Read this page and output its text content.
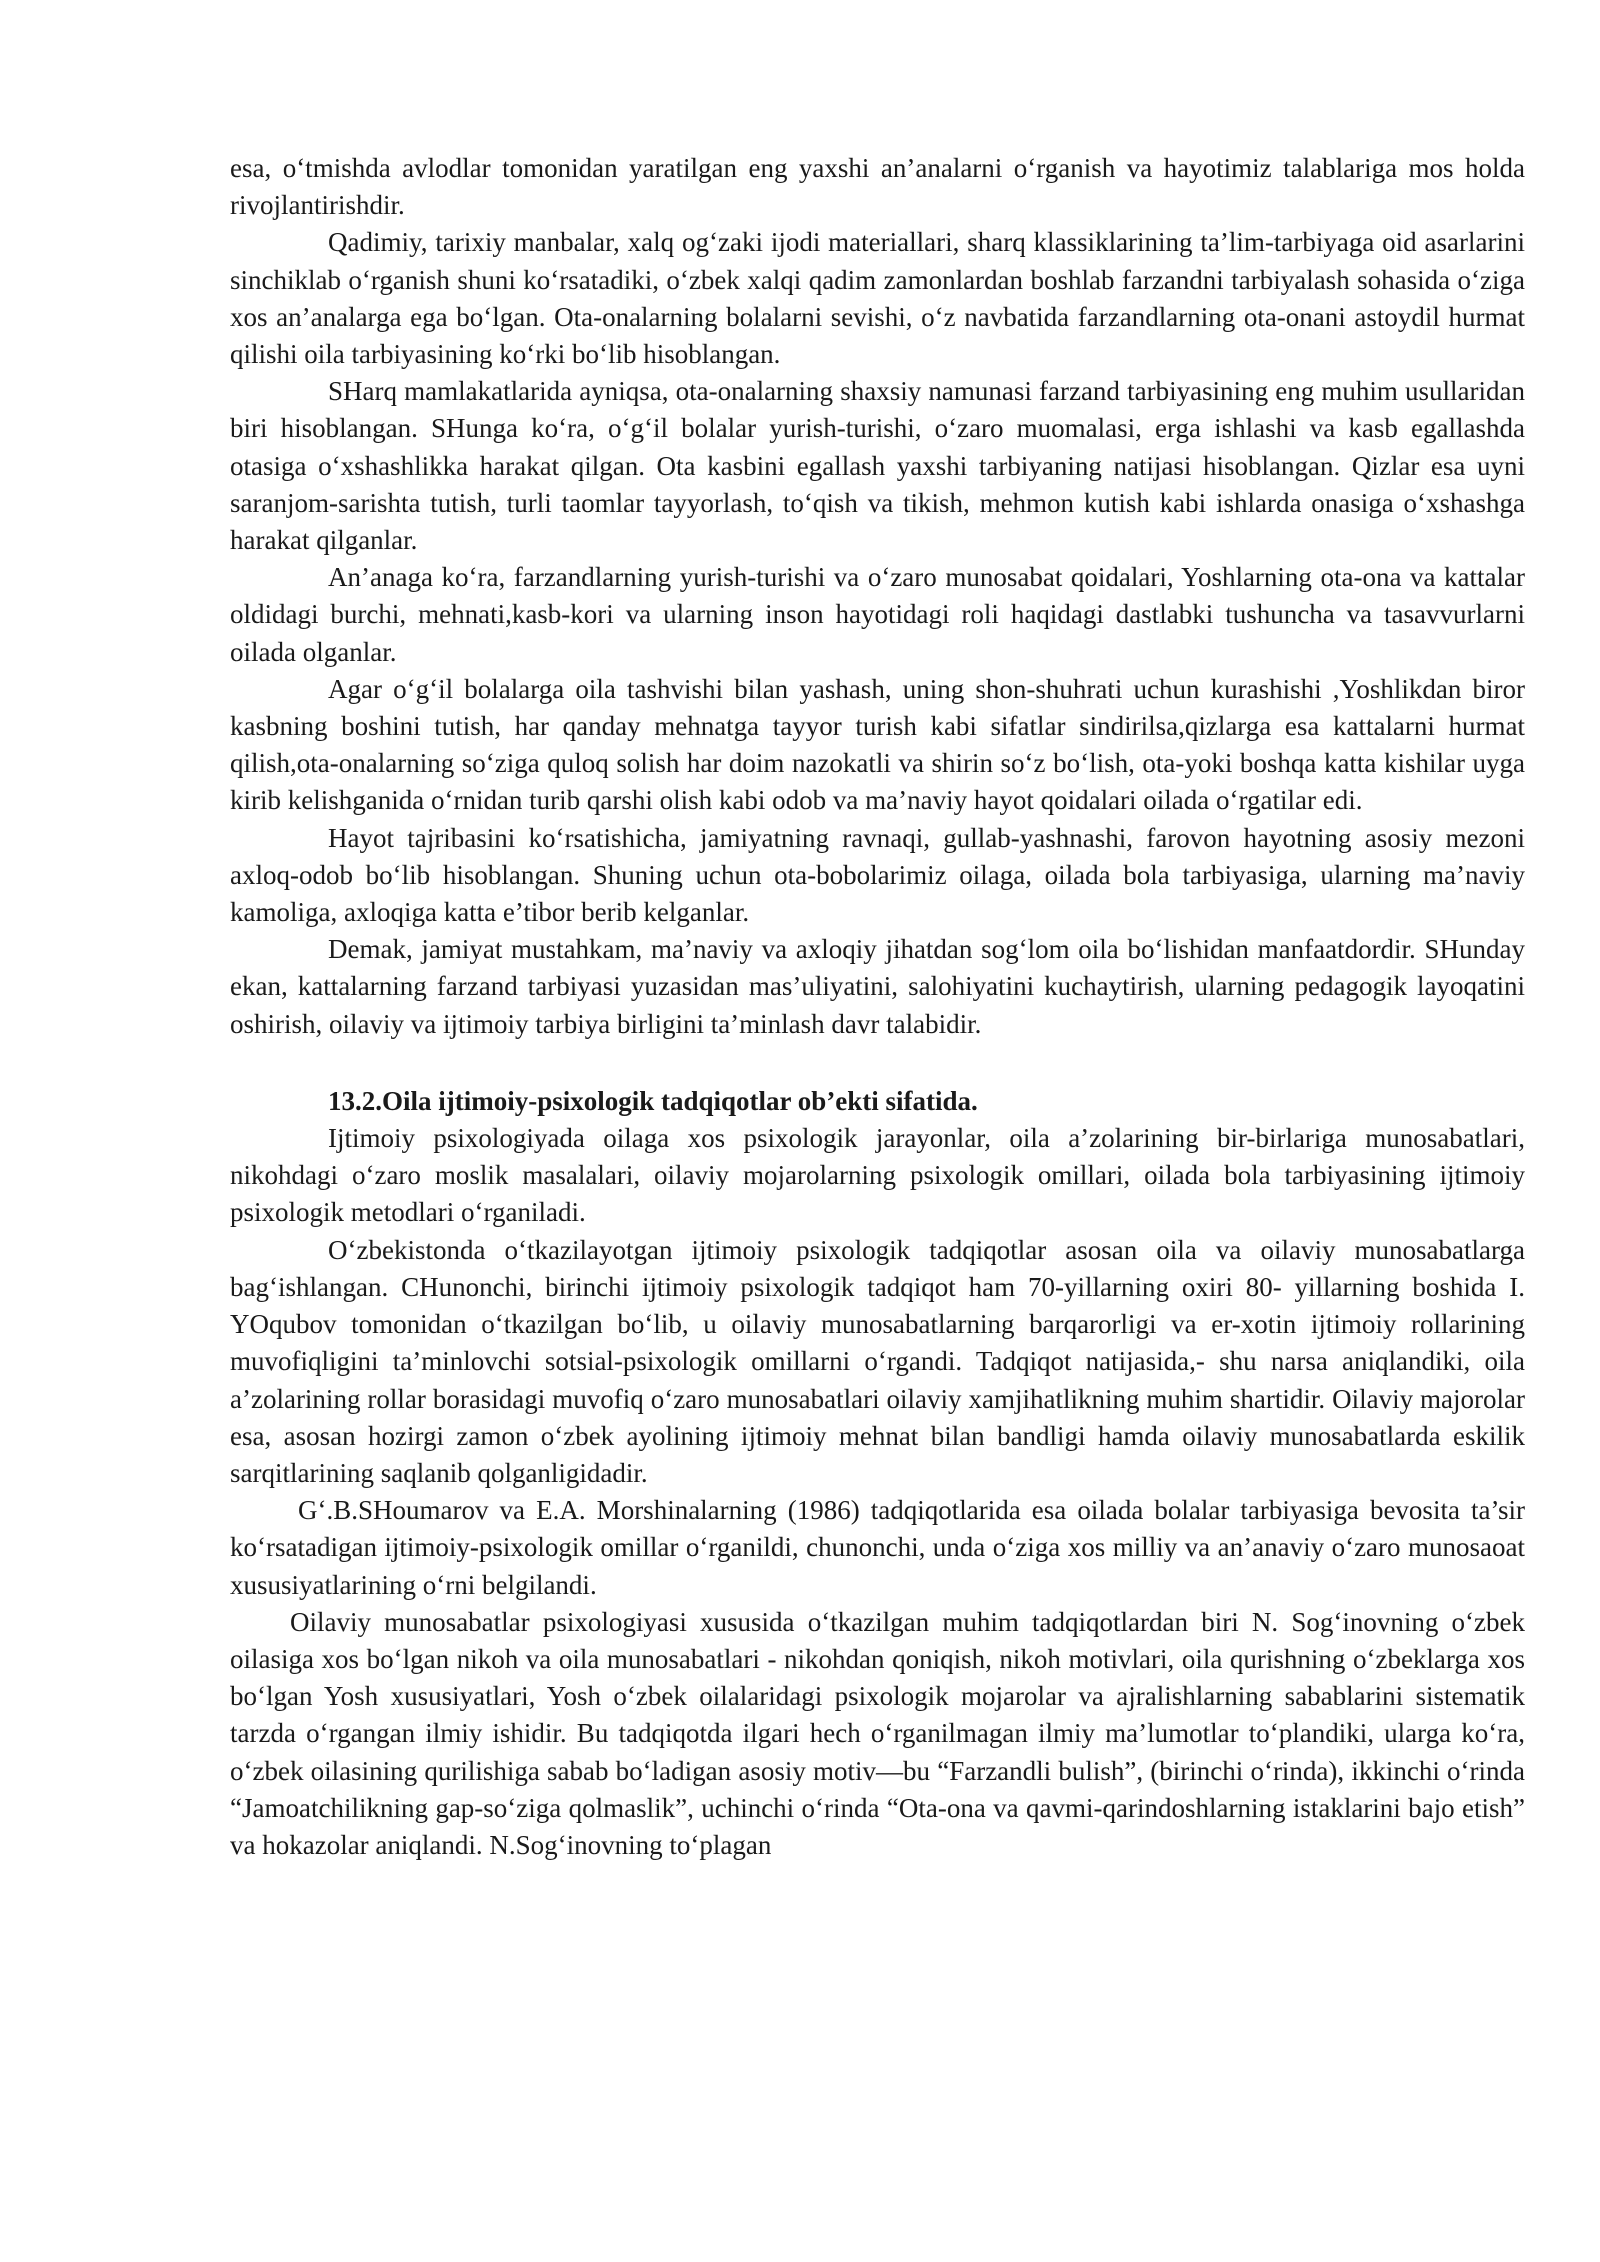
esa, o‘tmishda avlodlar tomonidan yaratilgan eng yaxshi an’analarni o‘rganish va hayotimiz talablariga mos holda rivojlantirishdir.

Qadimiy, tarixiy manbalar, xalq og‘zaki ijodi materiallari, sharq klassiklarining ta’lim-tarbiyaga oid asarlarini sinchiklab o‘rganish shuni ko‘rsatadiki, o‘zbek xalqi qadim zamonlardan boshlab farzandni tarbiyalash sohasida o‘ziga xos an’analarga ega bo‘lgan. Ota-onalarning bolalarni sevishi, o‘z navbatida farzandlarning ota-onani astoydil hurmat qilishi oila tarbiyasining ko‘rki bo‘lib hisoblangan.

SHarq mamlakatlarida ayniqsa, ota-onalarning shaxsiy namunasi farzand tarbiyasining eng muhim usullaridan biri hisoblangan. SHunga ko‘ra, o‘g‘il bolalar yurish-turishi, o‘zaro muomalasi, erga ishlashi va kasb egallashda otasiga o‘xshashlikka harakat qilgan. Ota kasbini egallash yaxshi tarbiyaning natijasi hisoblangan. Qizlar esa uyni saranjom-sarishta tutish, turli taomlar tayyorlash, to‘qish va tikish, mehmon kutish kabi ishlarda onasiga o‘xshashga harakat qilganlar.

An’anaga ko‘ra, farzandlarning yurish-turishi va o‘zaro munosabat qoidalari, Yoshlarning ota-ona va kattalar oldidagi burchi, mehnati,kasb-kori va ularning inson hayotidagi roli haqidagi dastlabki tushuncha va tasavvurlarni oilada olganlar.

Agar o‘g‘il bolalarga oila tashvishi bilan yashash, uning shon-shuhrati uchun kurashishi ,Yoshlikdan biror kasbning boshini tutish, har qanday mehnatga tayyor turish kabi sifatlar sindirilsa,qizlarga esa kattalarni hurmat qilish,ota-onalarning so‘ziga quloq solish har doim nazokatli va shirin so‘z bo‘lish, ota-yoki boshqa katta kishilar uyga kirib kelishganida o‘rnidan turib qarshi olish kabi odob va ma’naviy hayot qoidalari oilada o‘rgatilar edi.

Hayot tajribasini ko‘rsatishicha, jamiyatning ravnaqi, gullab-yashnashi, farovon hayotning asosiy mezoni axloq-odob bo‘lib hisoblangan. Shuning uchun ota-bobolarimiz oilaga, oilada bola tarbiyasiga, ularning ma’naviy kamoliga, axloqiga katta e’tibor berib kelganlar.

Demak, jamiyat mustahkam, ma’naviy va axloqiy jihatdan sog‘lom oila bo‘lishidan manfaatdordir. SHunday ekan, kattalarning farzand tarbiyasi yuzasidan mas’uliyatini, salohiyatini kuchaytirish, ularning pedagogik layoqatini oshirish, oilaviy va ijtimoiy tarbiya birligini ta’minlash davr talabidir.

13.2.Oila ijtimoiy-psixologik tadqiqotlar ob’ekti sifatida.

Ijtimoiy psixologiyada oilaga xos psixologik jarayonlar, oila a’zolarining bir-birlariga munosabatlari, nikohdagi o‘zaro moslik masalalari, oilaviy mojarolarning psixologik omillari, oilada bola tarbiyasining ijtimoiy psixologik metodlari o‘rganiladi.

O‘zbekistonda o‘tkazilayotgan ijtimoiy psixologik tadqiqotlar asosan oila va oilaviy munosabatlarga bag‘ishlangan. CHunonchi, birinchi ijtimoiy psixologik tadqiqot ham 70-yillarning oxiri 80- yillarning boshida I. YOqubov tomonidan o‘tkazilgan bo‘lib, u oilaviy munosabatlarning barqarorligi va er-xotin ijtimoiy rollarining muvofiqligini ta’minlovchi sotsial-psixologik omillarni o‘rgandi. Tadqiqot natijasida,- shu narsa aniqlandiki, oila a’zolarining rollar borasidagi muvofiq o‘zaro munosabatlari oilaviy xamjihatlikning muhim shartidir. Oilaviy majorolar esa, asosan hozirgi zamon o‘zbek ayolining ijtimoiy mehnat bilan bandligi hamda oilaviy munosabatlarda eskilik sarqitlarining saqlanib qolganligidadir.

G‘.B.SHoumarov va E.A. Morshinalarning (1986) tadqiqotlarida esa oilada bolalar tarbiyasiga bevosita ta’sir ko‘rsatadigan ijtimoiy-psixologik omillar o‘rganildi, chunonchi, unda o‘ziga xos milliy va an’anaviy o‘zaro munosaoat xususiyatlarining o‘rni belgilandi.

Oilaviy munosabatlar psixologiyasi xususida o‘tkazilgan muhim tadqiqotlardan biri N. Sog‘inovning o‘zbek oilasiga xos bo‘lgan nikoh va oila munosabatlari - nikohdan qoniqish, nikoh motivlari, oila qurishning o‘zbeklarga xos bo‘lgan Yosh xususiyatlari, Yosh o‘zbek oilalaridagi psixologik mojarolar va ajralishlarning sabablarini sistematik tarzda o‘rgangan ilmiy ishidir. Bu tadqiqotda ilgari hech o‘rganilmagan ilmiy ma’lumotlar to‘plandiki, ularga ko‘ra, o‘zbek oilasining qurilishiga sabab bo‘ladigan asosiy motiv—bu “Farzandli bulish”, (birinchi o‘rinda), ikkinchi o‘rinda “Jamoatchilikning gap-so‘ziga qolmaslik”, uchinchi o‘rinda “Ota-ona va qavmi-qarindoshlarning istaklarini bajo etish” va hokazolar aniqlandi. N.Sog‘inovning to‘plagan
